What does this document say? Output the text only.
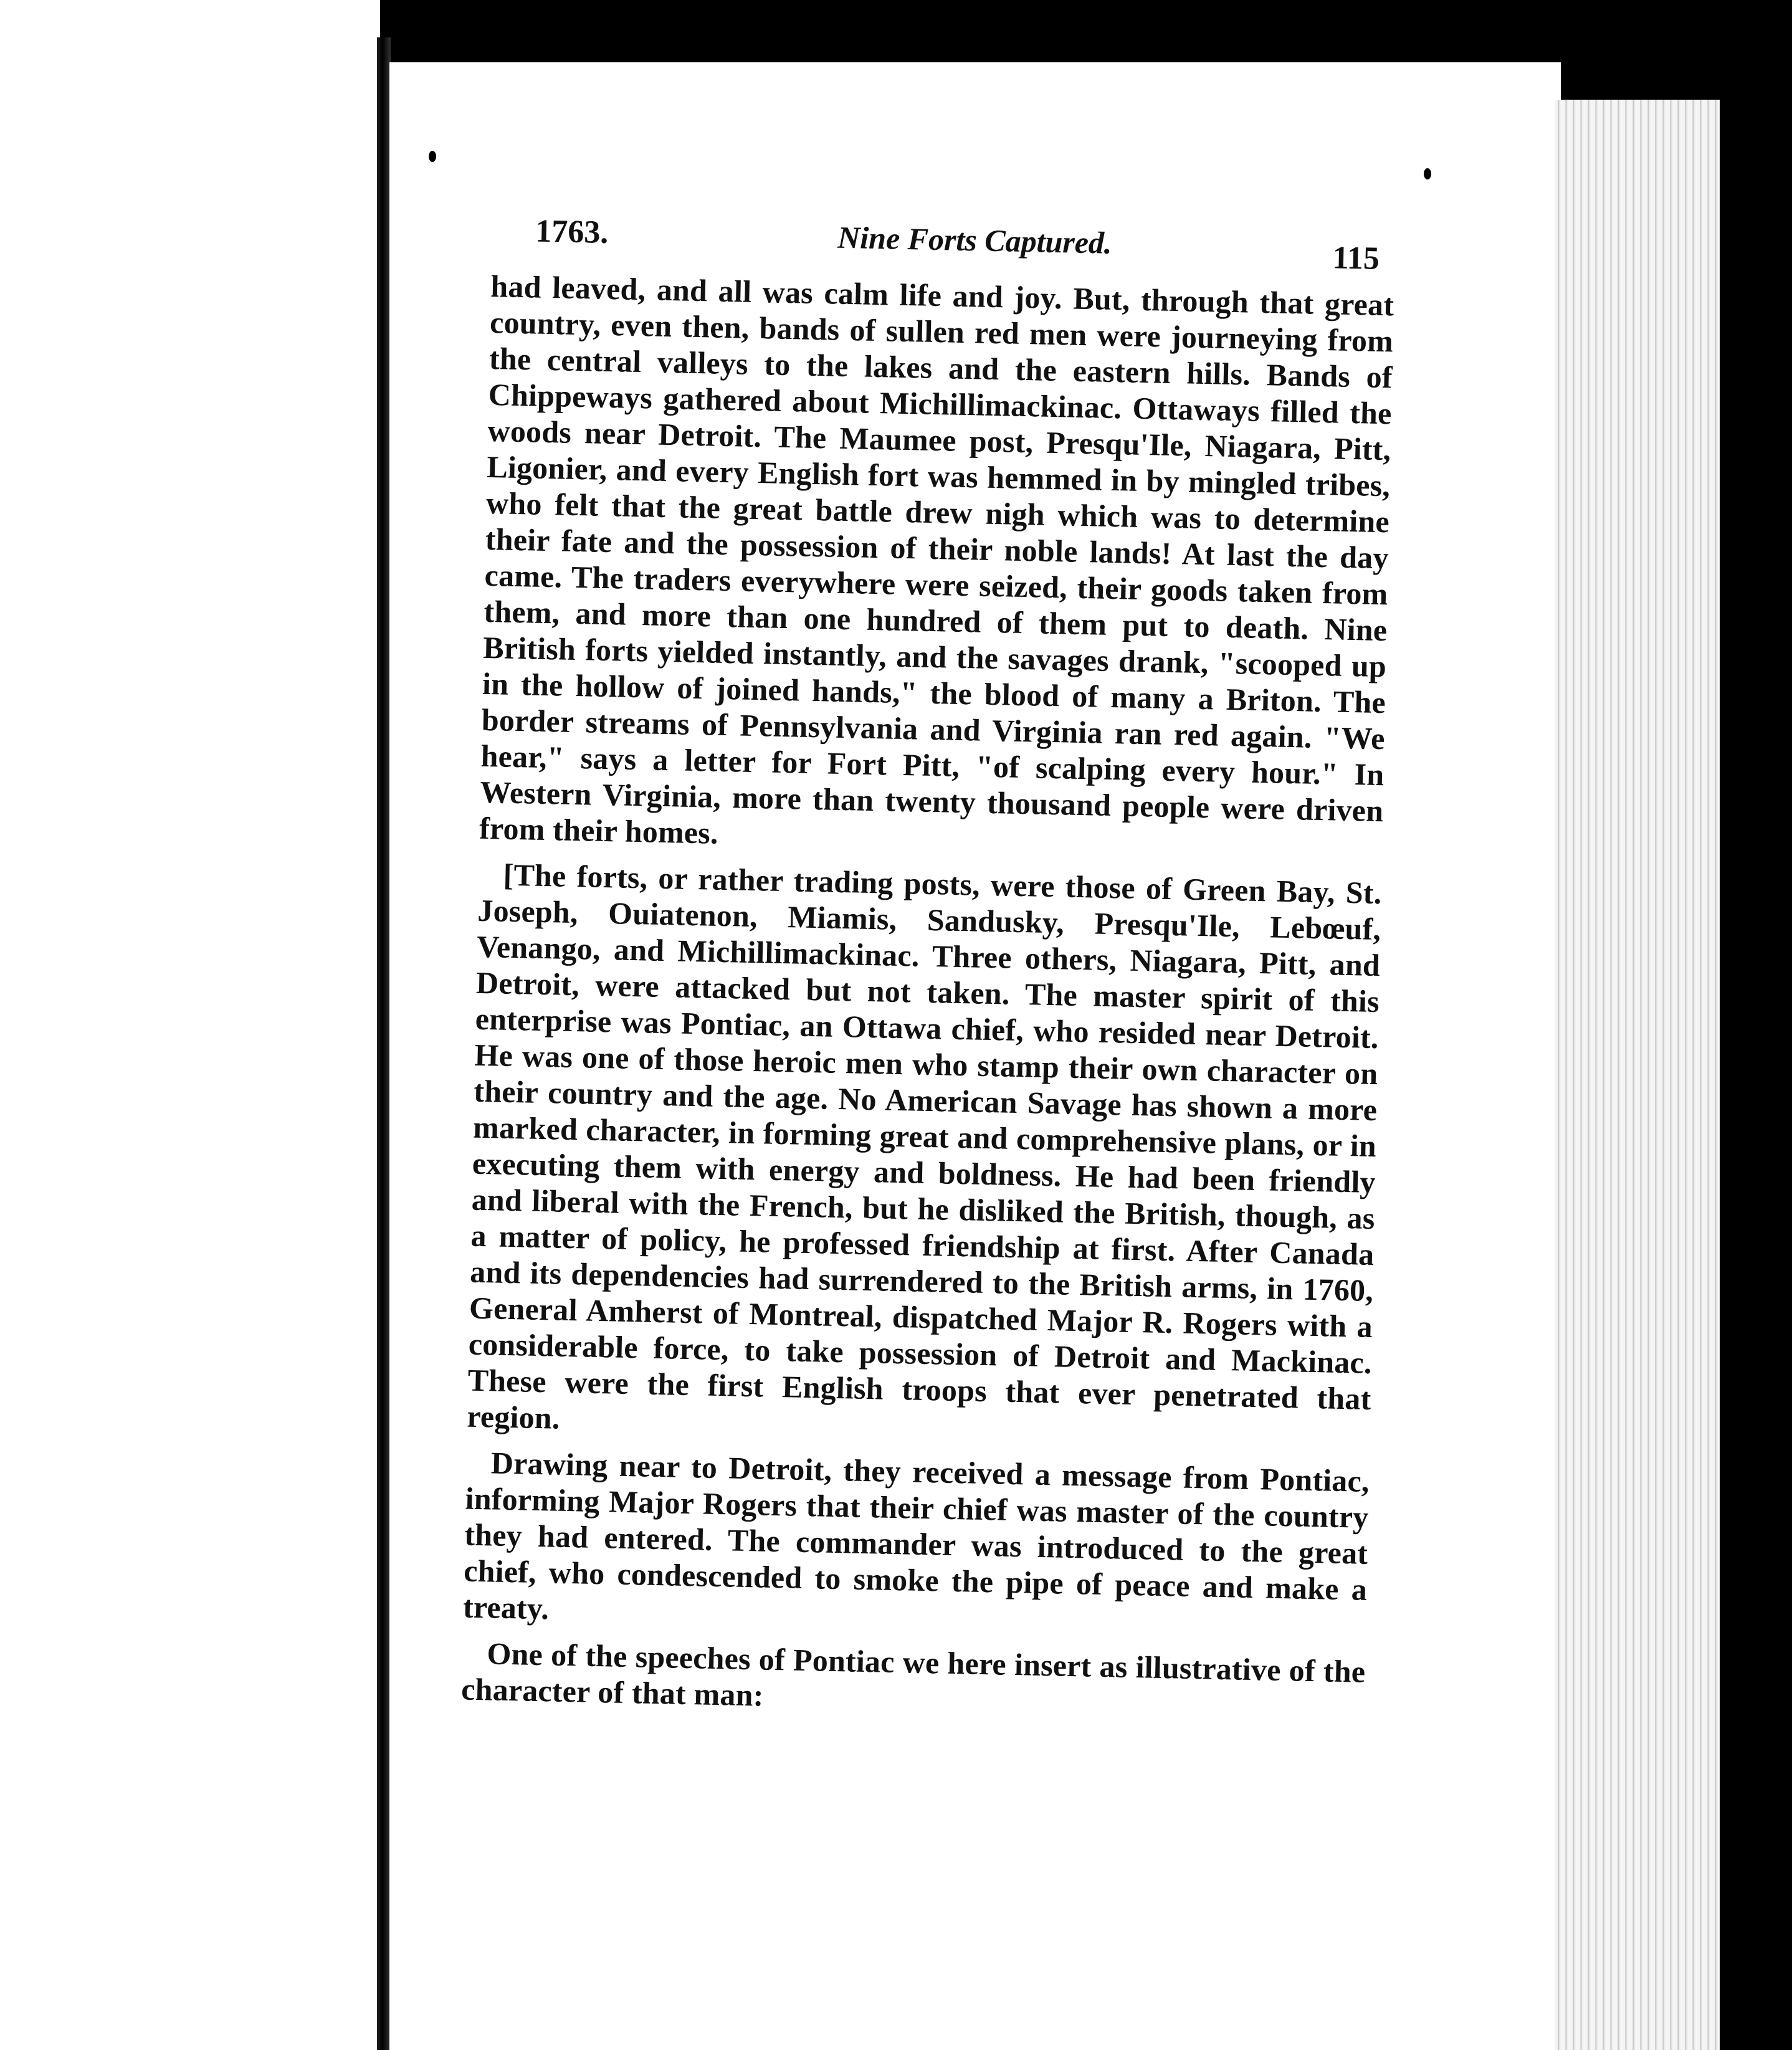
1763.	Nine Forts Captured.	115

had leaved, and all was calm life and joy. But, through that great country, even then, bands of sullen red men were journeying from the central valleys to the lakes and the eastern hills. Bands of Chippeways gathered about Michillimackinac. Ottaways filled the woods near Detroit. The Maumee post, Presqu'Ile, Niagara, Pitt, Ligonier, and every English fort was hemmed in by mingled tribes, who felt that the great battle drew nigh which was to determine their fate and the possession of their noble lands! At last the day came. The traders everywhere were seized, their goods taken from them, and more than one hundred of them put to death. Nine British forts yielded instantly, and the savages drank, "scooped up in the hollow of joined hands," the blood of many a Briton. The border streams of Pennsylvania and Virginia ran red again. "We hear," says a letter for Fort Pitt, "of scalping every hour." In Western Virginia, more than twenty thousand people were driven from their homes.

[The forts, or rather trading posts, were those of Green Bay, St. Joseph, Ouiatenon, Miamis, Sandusky, Presqu'Ile, Lebœuf, Venango, and Michillimackinac. Three others, Niagara, Pitt, and Detroit, were attacked but not taken. The master spirit of this enterprise was Pontiac, an Ottawa chief, who resided near Detroit. He was one of those heroic men who stamp their own character on their country and the age. No American Savage has shown a more marked character, in forming great and comprehensive plans, or in executing them with energy and boldness. He had been friendly and liberal with the French, but he disliked the British, though, as a matter of policy, he professed friendship at first. After Canada and its dependencies had surrendered to the British arms, in 1760, General Amherst of Montreal, dispatched Major R. Rogers with a considerable force, to take possession of Detroit and Mackinac. These were the first English troops that ever penetrated that region.

Drawing near to Detroit, they received a message from Pontiac, informing Major Rogers that their chief was master of the country they had entered. The commander was introduced to the great chief, who condescended to smoke the pipe of peace and make a treaty.

One of the speeches of Pontiac we here insert as illustrative of the character of that man:
